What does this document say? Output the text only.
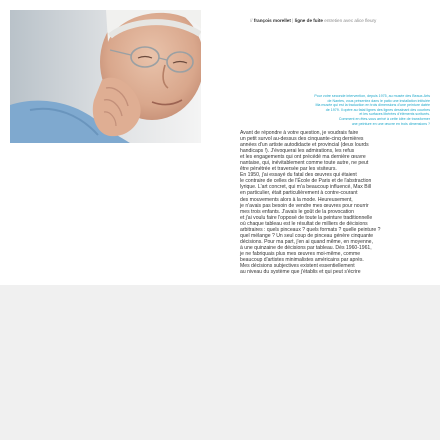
// françois morellet | ligne de fuite entretien avec alice fleury
Pour votre seconde intervention, depuis 1975, au musée des Beaux-Arts
de Nantes, vous présentez dans le patio une installation intitulée
Ma musée qui est la traduction en trois dimensions d'une peinture datée
de 1979. Il opère au fatal lignes des lignes dessinant des courbes
et les surfaces libérées d'éléments scriturés.
Comment en êtes-vous arrivé à cette idée de transformer
une peinture en une œuvre en trois dimensions ?
Avant de répondre à votre question, je voudrais faire
un petit survol au-dessus des cinquante-cinq dernières
années d'un artiste autodidacte et provincial (deux lourds
handicaps !). J'évoquerai les admirations, les refus
et les engagements qui ont précédé ma dernière œuvre
nantaise, qui, inévitablement comme toute autre, ne peut
être pénétrée et traversée par les visiteurs.
En 1950, j'ai essayé du fatal des œuvres qui étaient
le contraire de celles de l'École de Paris et de l'abstraction
lyrique. L'art concret, qui m'a beaucoup influencé, Max Bill
en particulier, était particulièrement à contre-courant
des mouvements alors à la mode. Heureusement,
je n'avais pas besoin de vendre mes œuvres pour nourrir
mes trois enfants. J'avais le goût de la provocation
et j'ai voulu faire l'opposé de toute la peinture traditionnelle
où chaque tableau est le résultat de milliers de décisions
arbitraires : quels pinceaux ? quels formats ? quelle peinture ?
quel mélange ? Un seul coup de pinceau génère cinquante
décisions. Pour ma part, j'en ai quand même, en moyenne,
à une quinzaine de décisions par tableau. Dès 1960-1961,
je ne fabriquais plus mes œuvres moi-même, comme
beaucoup d'artistes minimalistes américains par après.
Mes décisions subjectives existent essentiellement
au niveau du système que j'établis et qui peut s'écrire
